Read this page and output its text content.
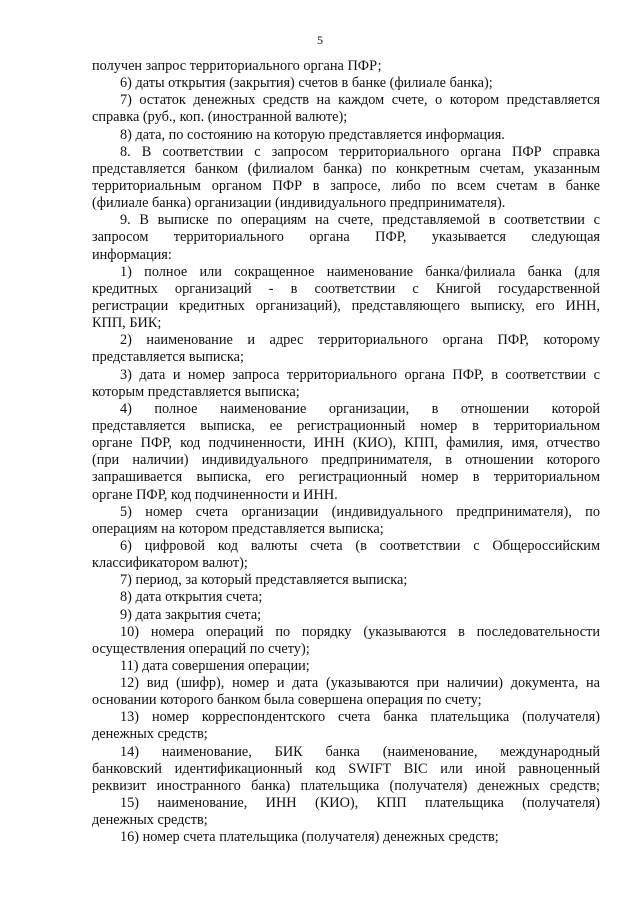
5
получен запрос территориального органа ПФР;
6) даты открытия (закрытия) счетов в банке (филиале банка);
7) остаток денежных средств на каждом счете, о котором представляется
справка (руб., коп. (иностранной валюте);
8) дата, по состоянию на которую представляется информация.
8. В соответствии с запросом территориального органа ПФР справка
представляется банком (филиалом банка) по конкретным счетам, указанным
территориальным органом ПФР в запросе, либо по всем счетам в банке
(филиале банка) организации (индивидуального предпринимателя).
9. В выписке по операциям на счете, представляемой в соответствии с
запросом территориального органа ПФР, указывается следующая
информация:
1) полное или сокращенное наименование банка/филиала банка (для
кредитных организаций - в соответствии с Книгой государственной
регистрации кредитных организаций), представляющего выписку, его ИНН,
КПП, БИК;
2) наименование и адрес территориального органа ПФР, которому
представляется выписка;
3) дата и номер запроса территориального органа ПФР, в соответствии с
которым представляется выписка;
4) полное наименование организации, в отношении которой
представляется выписка, ее регистрационный номер в территориальном
органе ПФР, код подчиненности, ИНН (КИО), КПП, фамилия, имя, отчество
(при наличии) индивидуального предпринимателя, в отношении которого
запрашивается выписка, его регистрационный номер в территориальном
органе ПФР, код подчиненности и ИНН.
5) номер счета организации (индивидуального предпринимателя), по
операциям на котором представляется выписка;
6) цифровой код валюты счета (в соответствии с Общероссийским
классификатором валют);
7) период, за который представляется выписка;
8) дата открытия счета;
9) дата закрытия счета;
10) номера операций по порядку (указываются в последовательности
осуществления операций по счету);
11) дата совершения операции;
12) вид (шифр), номер и дата (указываются при наличии) документа, на
основании которого банком была совершена операция по счету;
13) номер корреспондентского счета банка плательщика (получателя)
денежных средств;
14) наименование, БИК банка (наименование, международный
банковский идентификационный код SWIFT BIC или иной равноценный
реквизит иностранного банка) плательщика (получателя) денежных средств;
15) наименование, ИНН (КИО), КПП плательщика (получателя)
денежных средств;
16) номер счета плательщика (получателя) денежных средств;
